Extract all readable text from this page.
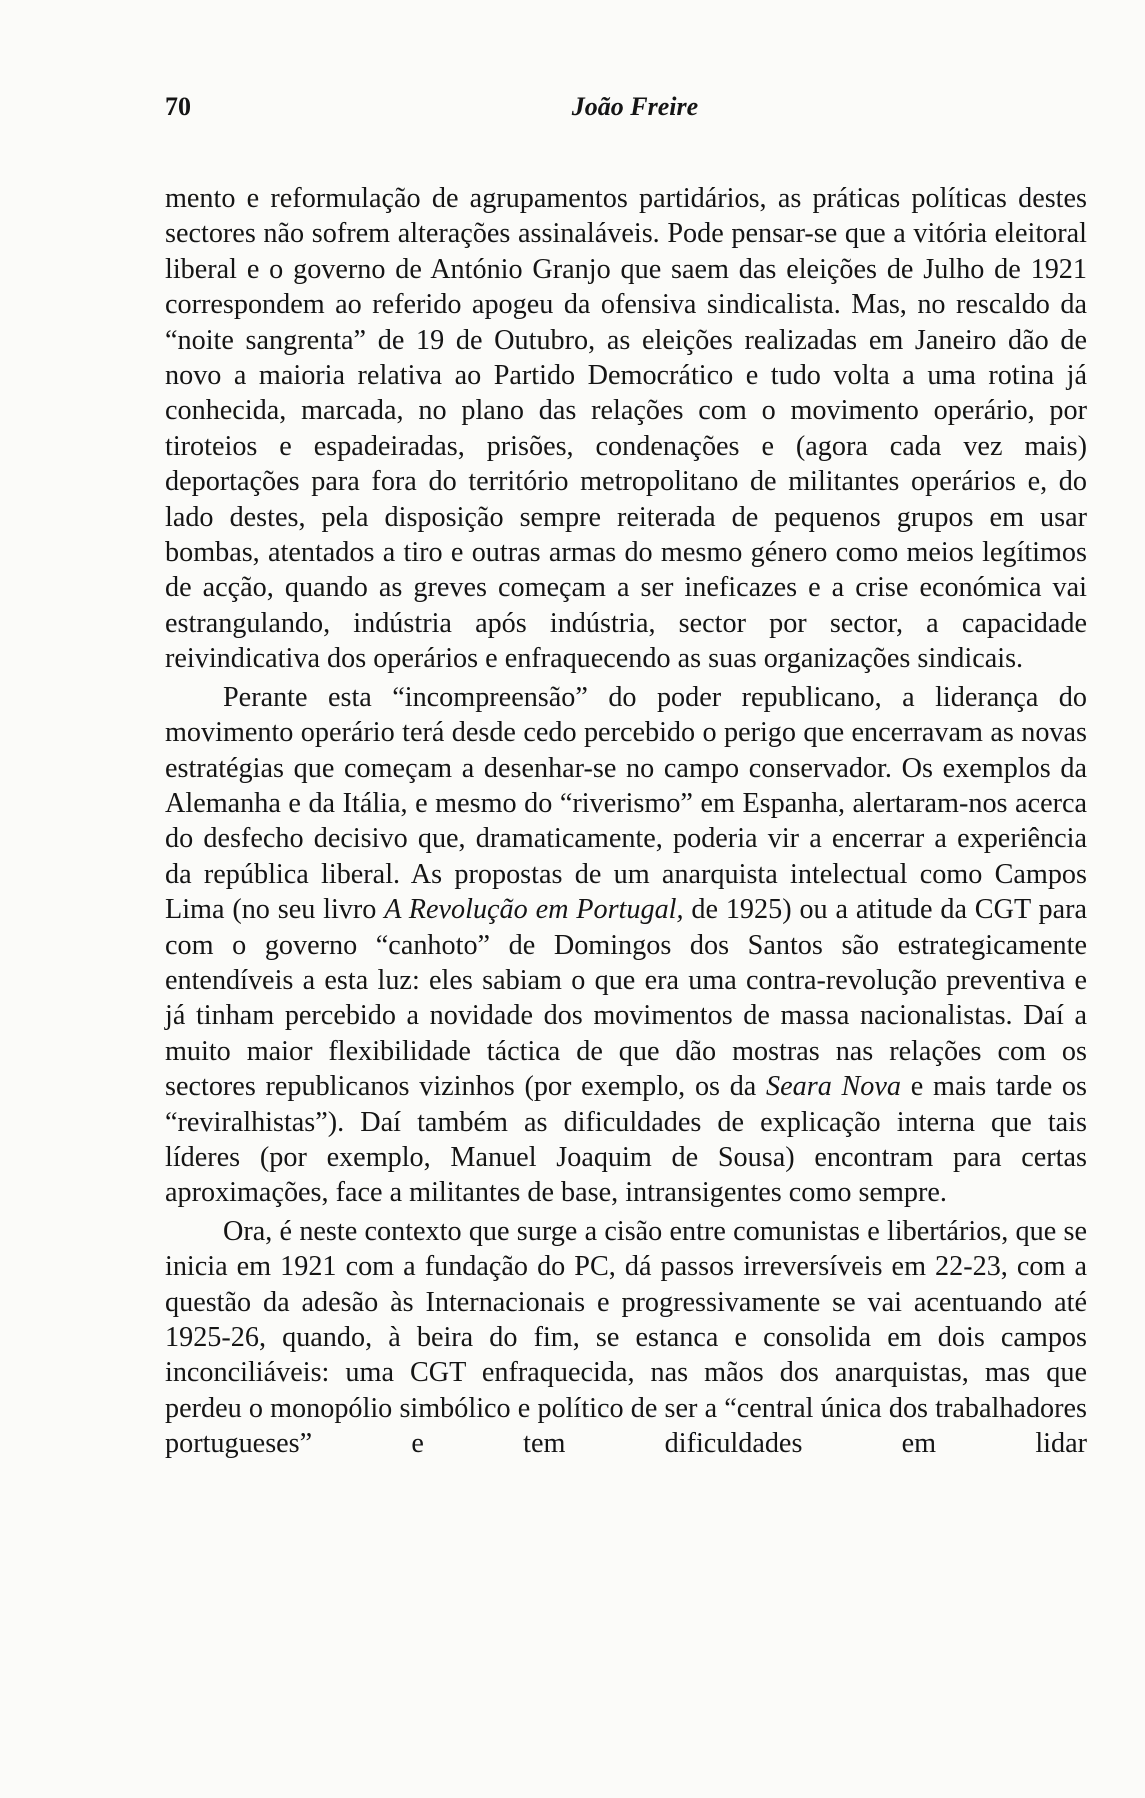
70	João Freire

mento e reformulação de agrupamentos partidários, as práticas políticas destes sectores não sofrem alterações assinaláveis. Pode pensar-se que a vitória eleitoral liberal e o governo de António Granjo que saem das eleições de Julho de 1921 correspondem ao referido apogeu da ofensiva sindicalista. Mas, no rescaldo da “noite sangrenta” de 19 de Outubro, as eleições realizadas em Janeiro dão de novo a maioria relativa ao Partido Democrático e tudo volta a uma rotina já conhecida, marcada, no plano das relações com o movimento operário, por tiroteios e espadeiradas, prisões, condenações e (agora cada vez mais) deportações para fora do território metropolitano de militantes operários e, do lado destes, pela disposição sempre reiterada de pequenos grupos em usar bombas, atentados a tiro e outras armas do mesmo género como meios legítimos de acção, quando as greves começam a ser ineficazes e a crise económica vai estrangulando, indústria após indústria, sector por sector, a capacidade reivindicativa dos operários e enfraquecendo as suas organizações sindicais.

Perante esta “incompreensão” do poder republicano, a liderança do movimento operário terá desde cedo percebido o perigo que encerravam as novas estratégias que começam a desenhar-se no campo conservador. Os exemplos da Alemanha e da Itália, e mesmo do “riverismo” em Espanha, alertaram-nos acerca do desfecho decisivo que, dramaticamente, poderia vir a encerrar a experiência da república liberal. As propostas de um anarquista intelectual como Campos Lima (no seu livro A Revolução em Portugal, de 1925) ou a atitude da CGT para com o governo “canhoto” de Domingos dos Santos são estrategicamente entendíveis a esta luz: eles sabiam o que era uma contra-revolução preventiva e já tinham percebido a novidade dos movimentos de massa nacionalistas. Daí a muito maior flexibilidade táctica de que dão mostras nas relações com os sectores republicanos vizinhos (por exemplo, os da Seara Nova e mais tarde os “reviralhistas”). Daí também as dificuldades de explicação interna que tais líderes (por exemplo, Manuel Joaquim de Sousa) encontram para certas aproximações, face a militantes de base, intransigentes como sempre.

Ora, é neste contexto que surge a cisão entre comunistas e libertários, que se inicia em 1921 com a fundação do PC, dá passos irreversíveis em 22-23, com a questão da adesão às Internacionais e progressivamente se vai acentuando até 1925-26, quando, à beira do fim, se estanca e consolida em dois campos inconciliáveis: uma CGT enfraquecida, nas mãos dos anarquistas, mas que perdeu o monopólio simbólico e político de ser a “central única dos trabalhadores portugueses” e tem dificuldades em lidar
